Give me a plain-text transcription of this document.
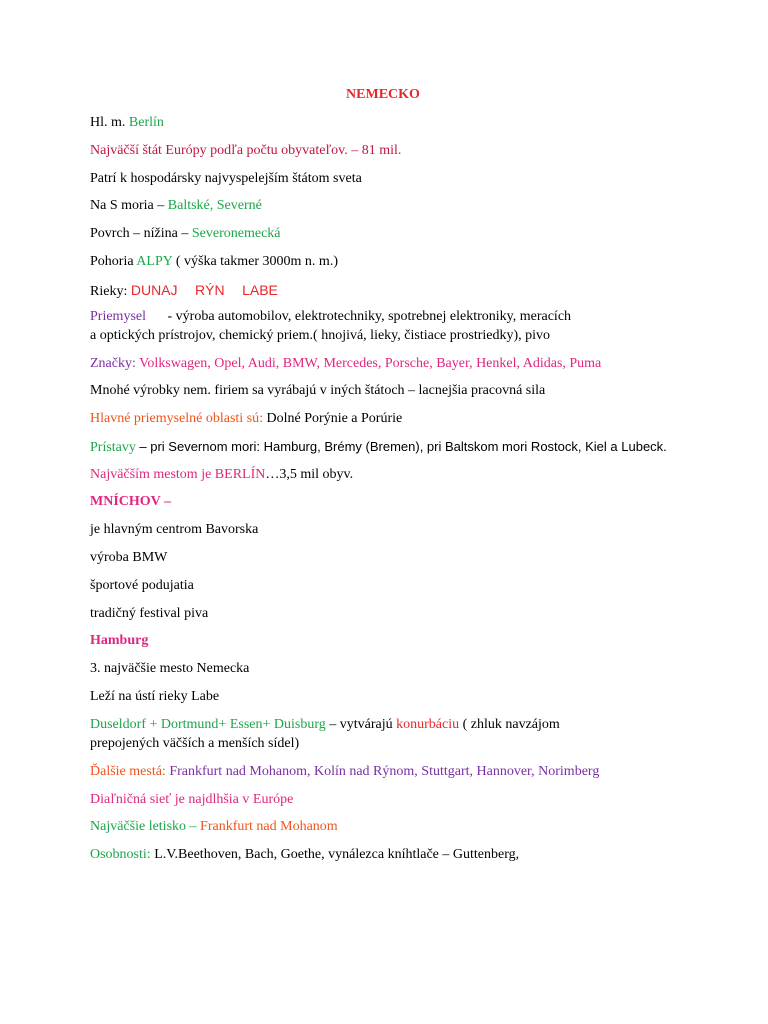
NEMECKO
Hl. m. Berlín
Najväčší štát Európy podľa počtu obyvateľov. – 81 mil.
Patrí k hospodársky najvyspelejším štátom sveta
Na S moria – Baltské, Severné
Povrch – nížina – Severonemecká
Pohoria ALPY ( výška takmer 3000m n. m.)
Rieky: DUNAJ RÝN LABE
Priemysel - výroba automobilov, elektrotechniky, spotrebnej elektroniky, meracích
a optických prístrojov, chemický priem.( hnojivá, lieky, čistiace prostriedky), pivo
Značky: Volkswagen, Opel, Audi, BMW, Mercedes, Porsche, Bayer, Henkel, Adidas, Puma
Mnohé výrobky nem. firiem sa vyrábajú v iných štátoch – lacnejšia pracovná sila
Hlavné priemyselné oblasti sú: Dolné Porýnie a Porúrie
Prístavy – pri Severnom mori: Hamburg, Brémy (Bremen), pri Baltskom mori Rostock, Kiel a Lubeck.
Najväčším mestom je BERLÍN…3,5 mil obyv.
MNÍCHOV –
je hlavným centrom Bavorska
výroba BMW
športové podujatia
tradičný festival piva
Hamburg
3. najväčšie mesto Nemecka
Leží na ústí rieky Labe
Duseldorf + Dortmund+ Essen+ Duisburg – vytvárajú konurbáciu ( zhluk navzájom
prepojených väčších a menších sídel)
Ďalšie mestá: Frankfurt nad Mohanom, Kolín nad Rýnom, Stuttgart, Hannover, Norimberg
Diaľničná sieť je najdlhšia v Európe
Najväčšie letisko – Frankfurt nad Mohanom
Osobnosti: L.V.Beethoven, Bach, Goethe, vynálezca kníhtlače – Guttenberg,
